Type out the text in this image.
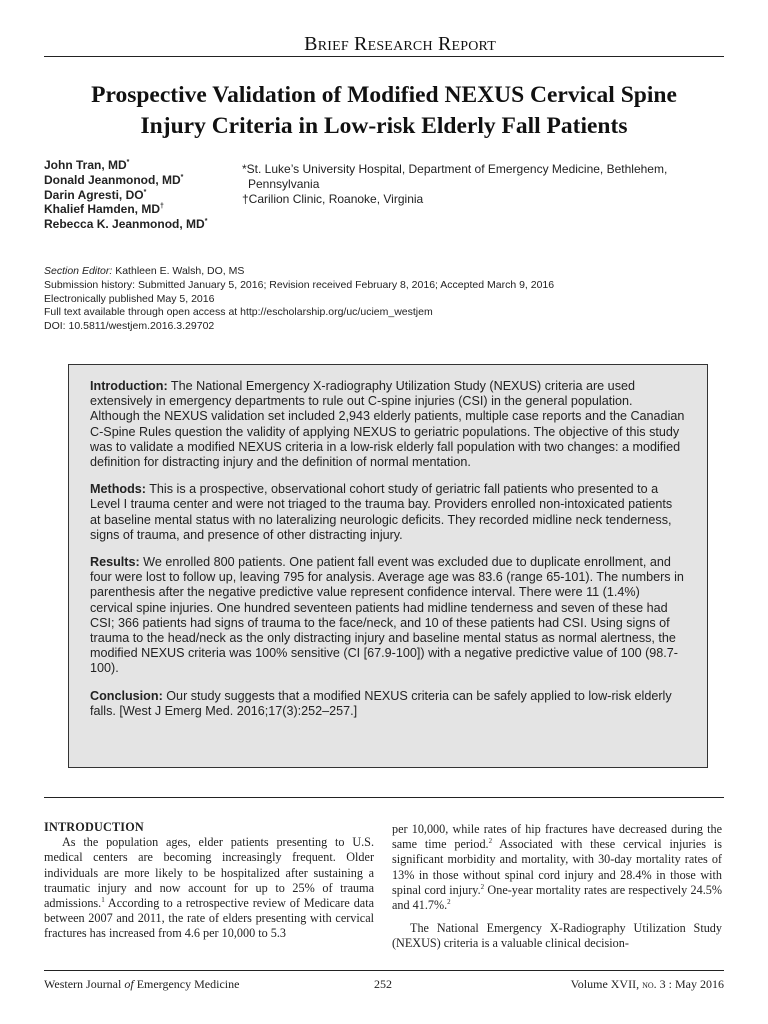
Brief Research Report
Prospective Validation of Modified NEXUS Cervical Spine
Injury Criteria in Low-risk Elderly Fall Patients
John Tran, MD*
Donald Jeanmonod, MD*
Darin Agresti, DO*
Khalief Hamden, MD†
Rebecca K. Jeanmonod, MD*
*St. Luke’s University Hospital, Department of Emergency Medicine, Bethlehem,
Pennsylvania
†Carilion Clinic, Roanoke, Virginia
Section Editor: Kathleen E. Walsh, DO, MS
Submission history: Submitted January 5, 2016; Revision received February 8, 2016; Accepted March 9, 2016
Electronically published May 5, 2016
Full text available through open access at http://escholarship.org/uc/uciem_westjem
DOI: 10.5811/westjem.2016.3.29702

Introduction: The National Emergency X-radiography Utilization Study (NEXUS) criteria are used extensively in emergency departments to rule out C-spine injuries (CSI) in the general population. Although the NEXUS validation set included 2,943 elderly patients, multiple case reports and the Canadian C-Spine Rules question the validity of applying NEXUS to geriatric populations. The objective of this study was to validate a modified NEXUS criteria in a low-risk elderly fall population with two changes: a modified definition for distracting injury and the definition of normal mentation.

Methods: This is a prospective, observational cohort study of geriatric fall patients who presented to a Level I trauma center and were not triaged to the trauma bay. Providers enrolled non-intoxicated patients at baseline mental status with no lateralizing neurologic deficits. They recorded midline neck tenderness, signs of trauma, and presence of other distracting injury.

Results: We enrolled 800 patients. One patient fall event was excluded due to duplicate enrollment, and four were lost to follow up, leaving 795 for analysis. Average age was 83.6 (range 65-101). The numbers in parenthesis after the negative predictive value represent confidence interval. There were 11 (1.4%) cervical spine injuries. One hundred seventeen patients had midline tenderness and seven of these had CSI; 366 patients had signs of trauma to the face/neck, and 10 of these patients had CSI. Using signs of trauma to the head/neck as the only distracting injury and baseline mental status as normal alertness, the modified NEXUS criteria was 100% sensitive (CI [67.9-100]) with a negative predictive value of 100 (98.7-100).

Conclusion: Our study suggests that a modified NEXUS criteria can be safely applied to low-risk elderly falls. [West J Emerg Med. 2016;17(3):252–257.]

INTRODUCTION

As the population ages, elder patients presenting to U.S. medical centers are becoming increasingly frequent. Older individuals are more likely to be hospitalized after sustaining a traumatic injury and now account for up to 25% of trauma admissions.$^1$ According to a retrospective review of Medicare data between 2007 and 2011, the rate of elders presenting with cervical fractures has increased from 4.6 per 10,000 to 5.3

per 10,000, while rates of hip fractures have decreased during the same time period.$^2$ Associated with these cervical injuries is significant morbidity and mortality, with 30-day mortality rates of 13% in those without spinal cord injury and 28.4% in those with spinal cord injury.$^2$ One-year mortality rates are respectively 24.5% and 41.7%.$^2$

The National Emergency X-Radiography Utilization Study (NEXUS) criteria is a valuable clinical decision-

Western Journal of Emergency Medicine	252	Volume XVII, no. 3 : May 2016
